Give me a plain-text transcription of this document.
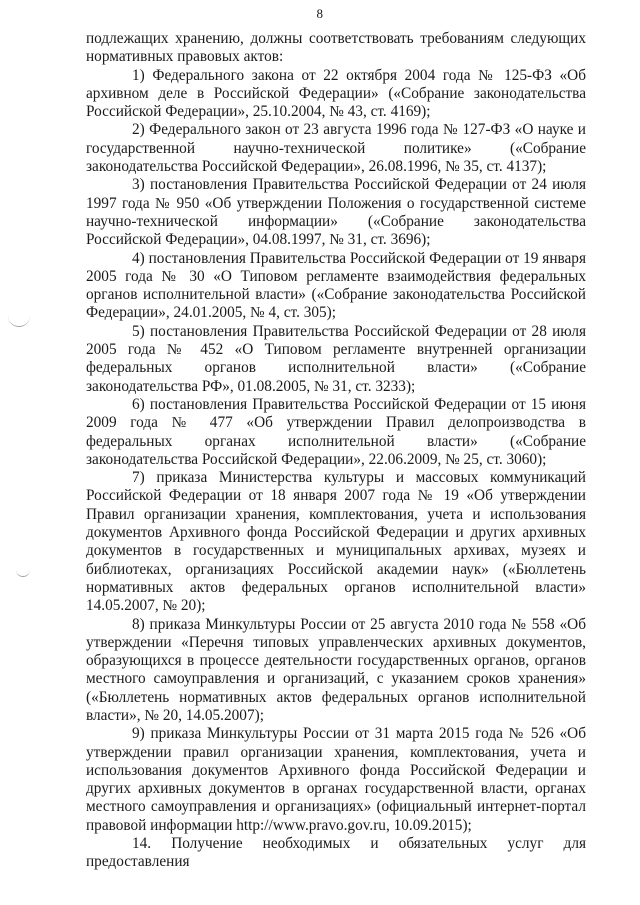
8

подлежащих хранению, должны соответствовать требованиям следующих нормативных правовых актов:

1) Федерального закона от 22 октября 2004 года № 125-ФЗ «Об архивном деле в Российской Федерации» («Собрание законодательства Российской Федерации», 25.10.2004, № 43, ст. 4169);

2) Федерального закон от 23 августа 1996 года № 127-ФЗ «О науке и государственной научно-технической политике» («Собрание законодательства Российской Федерации», 26.08.1996, № 35, ст. 4137);

3) постановления Правительства Российской Федерации от 24 июля 1997 года № 950 «Об утверждении Положения о государственной системе научно-технической информации» («Собрание законодательства Российской Федерации», 04.08.1997, № 31, ст. 3696);

4) постановления Правительства Российской Федерации от 19 января 2005 года № 30 «О Типовом регламенте взаимодействия федеральных органов исполнительной власти» («Собрание законодательства Российской Федерации», 24.01.2005, № 4, ст. 305);

5) постановления Правительства Российской Федерации от 28 июля 2005 года № 452 «О Типовом регламенте внутренней организации федеральных органов исполнительной власти» («Собрание законодательства РФ», 01.08.2005, № 31, ст. 3233);

6) постановления Правительства Российской Федерации от 15 июня 2009 года № 477 «Об утверждении Правил делопроизводства в федеральных органах исполнительной власти» («Собрание законодательства Российской Федерации», 22.06.2009, № 25, ст. 3060);

7) приказа Министерства культуры и массовых коммуникаций Российской Федерации от 18 января 2007 года № 19 «Об утверждении Правил организации хранения, комплектования, учета и использования документов Архивного фонда Российской Федерации и других архивных документов в государственных и муниципальных архивах, музеях и библиотеках, организациях Российской академии наук» («Бюллетень нормативных актов федеральных органов исполнительной власти» 14.05.2007, № 20);

8) приказа Минкультуры России от 25 августа 2010 года № 558 «Об утверждении «Перечня типовых управленческих архивных документов, образующихся в процессе деятельности государственных органов, органов местного самоуправления и организаций, с указанием сроков хранения» («Бюллетень нормативных актов федеральных органов исполнительной власти», № 20, 14.05.2007);

9) приказа Минкультуры России от 31 марта 2015 года № 526 «Об утверждении правил организации хранения, комплектования, учета и использования документов Архивного фонда Российской Федерации и других архивных документов в органах государственной власти, органах местного самоуправления и организациях» (официальный интернет-портал правовой информации http://www.pravo.gov.ru, 10.09.2015);

14. Получение необходимых и обязательных услуг для предоставления
